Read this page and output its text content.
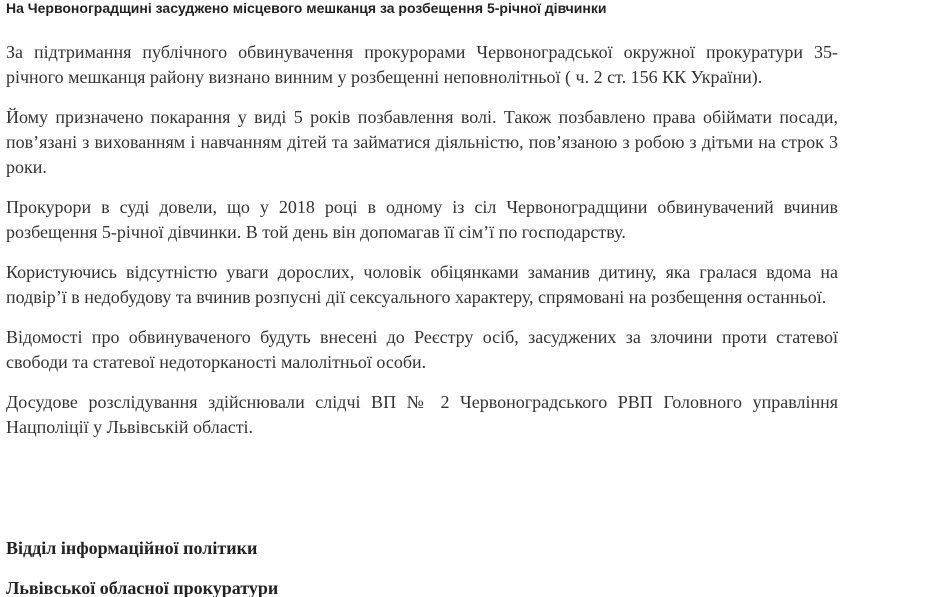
На Червоноградщині засуджено місцевого мешканця за розбещення 5-річної дівчинки

За підтримання публічного обвинувачення прокурорами Червоноградської окружної прокуратури 35-річного мешканця району визнано винним у розбещенні неповнолітньої ( ч. 2 ст. 156 КК України).

Йому призначено покарання у виді 5 років позбавлення волі. Також позбавлено права обіймати посади, пов’язані з вихованням і навчанням дітей та займатися діяльністю, пов’язаною з робою з дітьми на строк 3 роки.

Прокурори в суді довели, що у 2018 році в одному із сіл Червоноградщини обвинувачений вчинив розбещення 5-річної дівчинки. В той день він допомагав її сім’ї по господарству.

Користуючись відсутністю уваги дорослих, чоловік обіцянками заманив дитину, яка гралася вдома на подвір’ї в недобудову та вчинив розпусні дії сексуального характеру, спрямовані на розбещення останньої.

Відомості про обвинуваченого будуть внесені до Реєстру осіб, засуджених за злочини проти статевої свободи та статевої недоторканості малолітньої особи.

Досудове розслідування здійснювали слідчі ВП № 2 Червоноградського РВП Головного управління Нацполіції у Львівській області.

Відділ інформаційної політики

Львівської обласної прокуратури
